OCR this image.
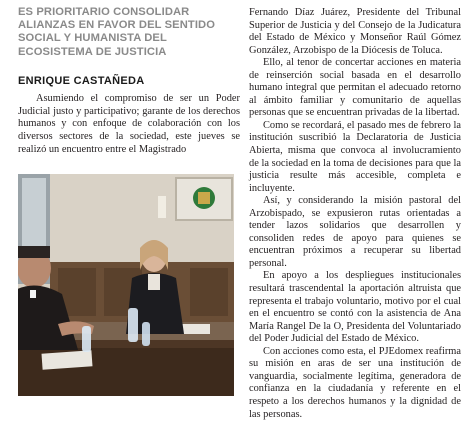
ES PRIORITARIO CONSOLIDAR
ALIANZAS EN FAVOR DEL SENTIDO
SOCIAL Y HUMANISTA DEL
ECOSISTEMA DE JUSTICIA
ENRIQUE CASTAÑEDA

Asumiendo el compromiso de ser un Poder Judicial justo y participativo; garante de los derechos humanos y con enfoque de colaboración con los diversos sectores de la sociedad, este jueves se realizó un encuentro entre el Magistrado

Fernando Díaz Juárez, Presidente del Tribunal Superior de Justicia y del Consejo de la Judicatura del Estado de México y Monseñor Raúl Gómez González, Arzobispo de la Diócesis de Toluca.

Ello, al tenor de concertar acciones en materia de reinserción social basada en el desarrollo humano integral que permitan el adecuado retorno al ámbito familiar y comunitario de aquellas personas que se encuentran privadas de la libertad.

Como se recordará, el pasado mes de febrero la institución suscribió la Declaratoria de Justicia Abierta, misma que convoca al involucramiento de la sociedad en la toma de decisiones para que la justicia resulte más accesible, completa e incluyente.

Así, y considerando la misión pastoral del Arzobispado, se expusieron rutas orientadas a tender lazos solidarios que desarrollen y consoliden redes de apoyo para quienes se encuentran próximos a recuperar su libertad personal.

En apoyo a los despliegues institucionales resultará trascendental la aportación altruista que representa el trabajo voluntario, motivo por el cual en el encuentro se contó con la asistencia de Ana María Rangel De la O, Presidenta del Voluntariado del Poder Judicial del Estado de México.

Con acciones como esta, el PJEdomex reafirma su misión en aras de ser una institución de vanguardia, socialmente legítima, generadora de confianza en la ciudadanía y referente en el respeto a los derechos humanos y la dignidad de las personas.
